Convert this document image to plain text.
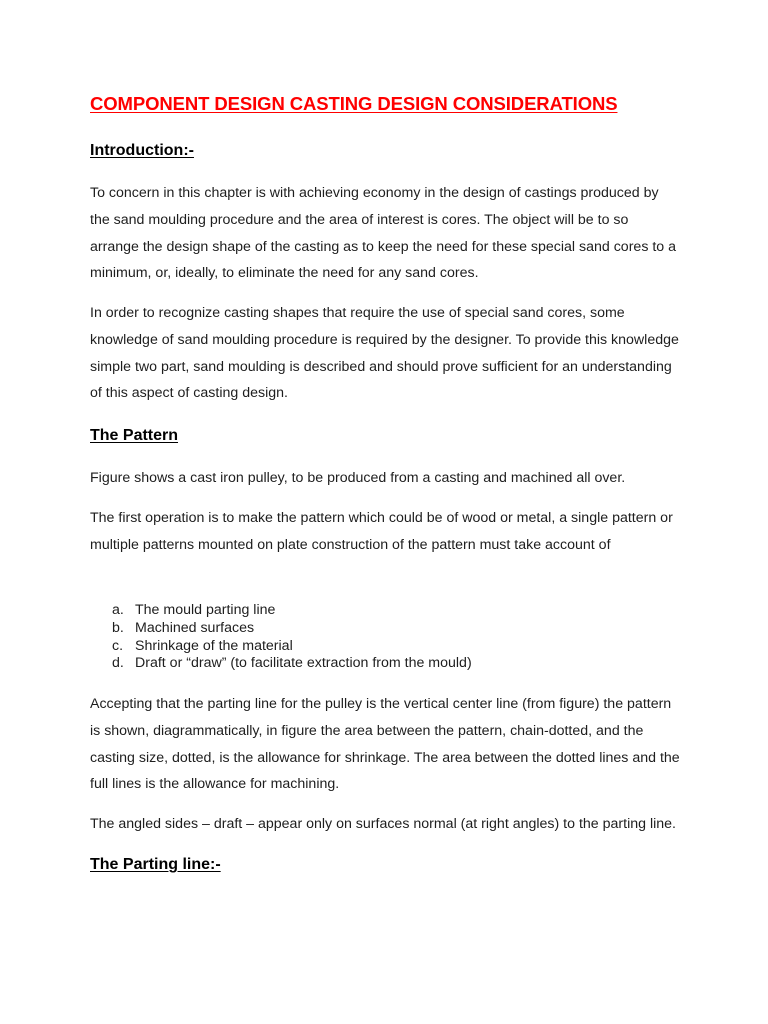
COMPONENT DESIGN CASTING DESIGN CONSIDERATIONS
Introduction:-

To concern in this chapter is with achieving economy in the design of castings produced by the sand moulding procedure and the area of interest is cores. The object will be to so arrange the design shape of the casting as to keep the need for these special sand cores to a minimum, or, ideally, to eliminate the need for any sand cores.

In order to recognize casting shapes that require the use of special sand cores, some knowledge of sand moulding procedure is required by the designer. To provide this knowledge simple two part, sand moulding is described and should prove sufficient for an understanding of this aspect of casting design.

The Pattern

Figure shows a cast iron pulley, to be produced from a casting and machined all over.

The first operation is to make the pattern which could be of wood or metal, a single pattern or multiple patterns mounted on plate construction of the pattern must take account of

a. The mould parting line
b. Machined surfaces
c. Shrinkage of the material
d. Draft or “draw” (to facilitate extraction from the mould)

Accepting that the parting line for the pulley is the vertical center line (from figure) the pattern is shown, diagrammatically, in figure the area between the pattern, chain-dotted, and the casting size, dotted, is the allowance for shrinkage. The area between the dotted lines and the full lines is the allowance for machining.

The angled sides – draft – appear only on surfaces normal (at right angles) to the parting line.

The Parting line:-
